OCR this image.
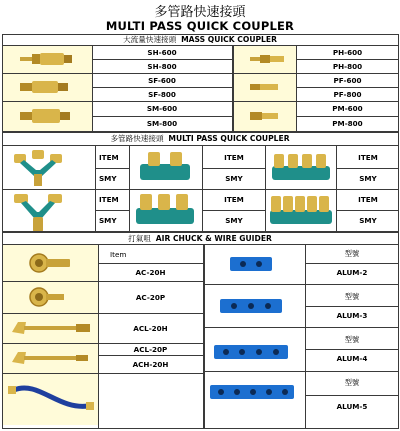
多管路快速接頭
MULTI PASS QUICK COUPLER
大流量快速接頭
MASS QUICK COUPLER
SH-600
SH-800
SF-600
SF-800
SM-600
SM-800
PH-600
PH-800
PF-600
PF-800
PM-600
PM-800
多管路快速接頭
MULTI PASS QUICK COUPLER
ITEM
SMY
ITEM
SMY
ITEM
SMY
ITEM
SMY
ITEM
SMY
ITEM
SMY
打氣咀
AIR CHUCK & WIRE GUIDER
Item
AC-20H
AC-20P
ACL-20H
ACL-20P
ACH-20H
型號
ALUM-2
型號
ALUM-3
型號
ALUM-4
型號
ALUM-5
